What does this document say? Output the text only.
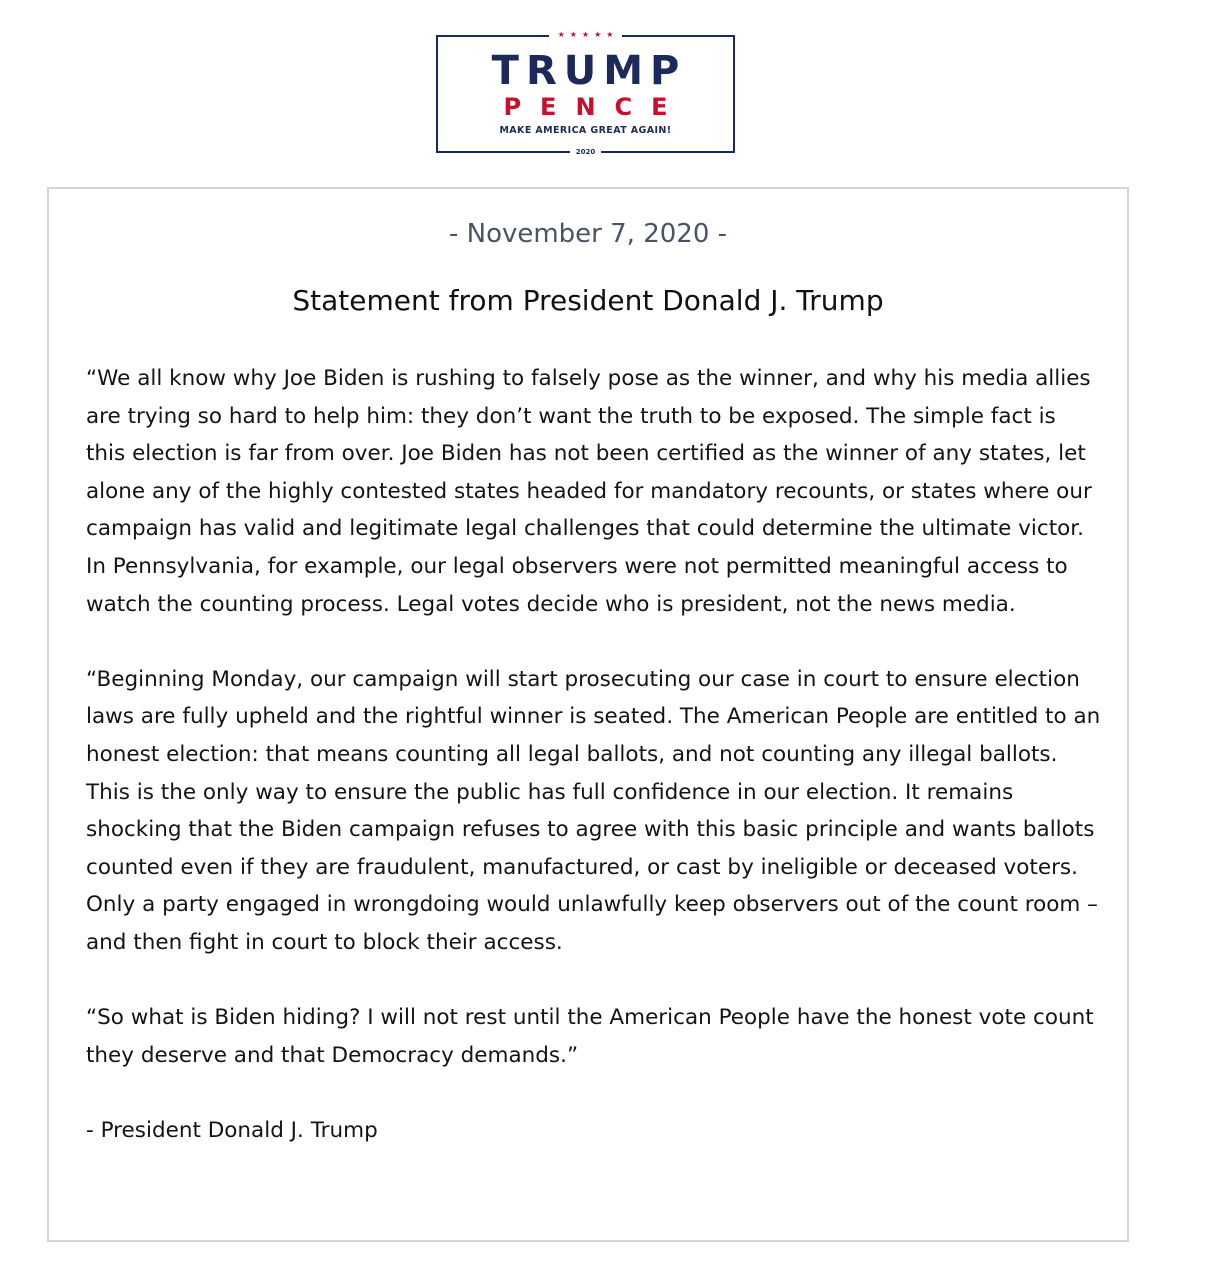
★★★★★
TRUMP
PENCE
MAKE AMERICA GREAT AGAIN!
2020
- November 7, 2020 -
Statement from President Donald J. Trump

“We all know why Joe Biden is rushing to falsely pose as the winner, and why his media allies are trying so hard to help him: they don’t want the truth to be exposed. The simple fact is this election is far from over. Joe Biden has not been certified as the winner of any states, let alone any of the highly contested states headed for mandatory recounts, or states where our campaign has valid and legitimate legal challenges that could determine the ultimate victor. In Pennsylvania, for example, our legal observers were not permitted meaningful access to watch the counting process. Legal votes decide who is president, not the news media.

“Beginning Monday, our campaign will start prosecuting our case in court to ensure election laws are fully upheld and the rightful winner is seated. The American People are entitled to an honest election: that means counting all legal ballots, and not counting any illegal ballots. This is the only way to ensure the public has full confidence in our election. It remains shocking that the Biden campaign refuses to agree with this basic principle and wants ballots counted even if they are fraudulent, manufactured, or cast by ineligible or deceased voters. Only a party engaged in wrongdoing would unlawfully keep observers out of the count room – and then fight in court to block their access.

“So what is Biden hiding? I will not rest until the American People have the honest vote count they deserve and that Democracy demands.”

- President Donald J. Trump
